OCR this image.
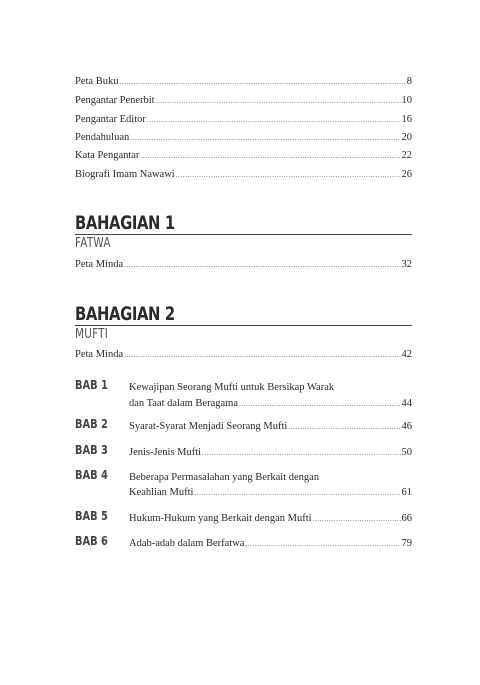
Peta Buku .....	8
Pengantar Penerbit .....	10
Pengantar Editor .....	16
Pendahuluan .....	20
Kata Pengantar .....	22
Biografi Imam Nawawi .....	26
BAHAGIAN 1
FATWA
Peta Minda .....	32
BAHAGIAN 2
MUFTI
Peta Minda .....	42
BAB 1 Kewajipan Seorang Mufti untuk Bersikap Warak
dan Taat dalam Beragama .....	44
BAB 2 Syarat-Syarat Menjadi Seorang Mufti .....	46
BAB 3 Jenis-Jenis Mufti .....	50
BAB 4 Beberapa Permasalahan yang Berkait dengan
Keahlian Mufti .....	61
BAB 5 Hukum-Hukum yang Berkait dengan Mufti .....	66
BAB 6 Adab-adab dalam Berfatwa .....	79
